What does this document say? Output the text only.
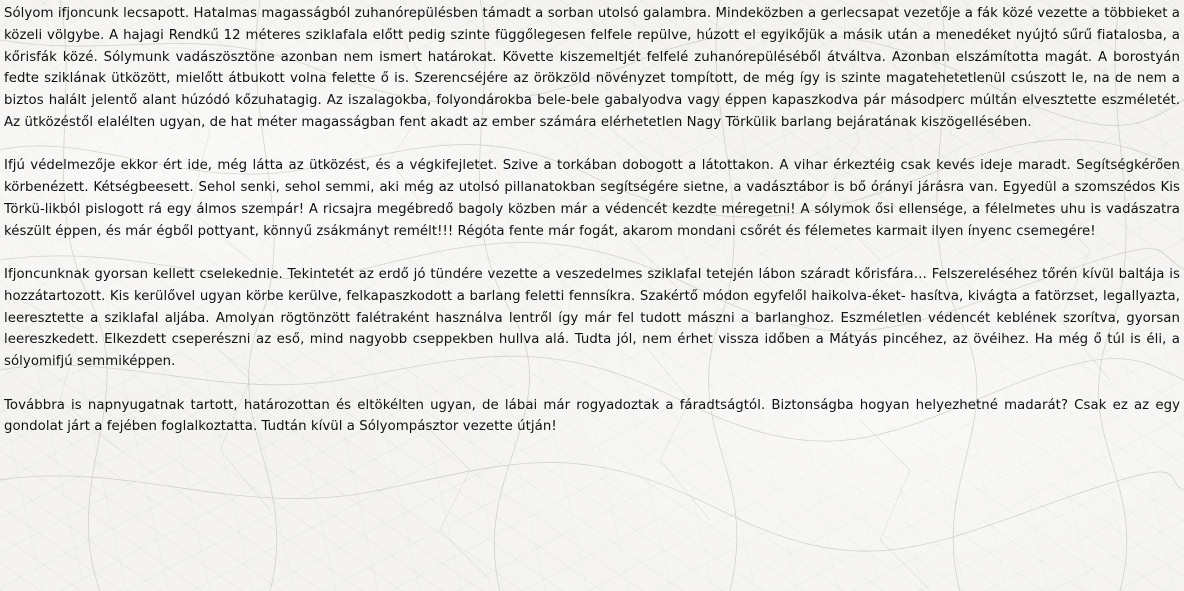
Sólyom ifjoncunk lecsapott. Hatalmas magasságból zuhanórepülésben támadt a sorban utolsó galambra. Mindeközben a gerlecsapat vezetője a fák közé vezette a többieket a közeli völgybe. A hajagi Rendkű 12 méteres sziklafala előtt pedig szinte függőlegesen felfele repülve, húzott el egyikőjük a másik után a menedéket nyújtó sűrű fiatalosba, a kőrisfák közé. Sólymunk vadászösztöne azonban nem ismert határokat. Követte kiszemeltjét felfelé zuhanórepüléséből átváltva. Azonban elszámította magát. A borostyán fedte sziklának ütközött, mielőtt átbukott volna felette ő is. Szerencséjére az örökzöld növényzet tompított, de még így is szinte magatehetetlenül csúszott le, na de nem a biztos halált jelentő alant húzódó kőzuhatagig. Az iszalagokba, folyondárokba bele-bele gabalyodva vagy éppen kapaszkodva pár másodperc múltán elvesztette eszméletét. Az ütközéstől elalélten ugyan, de hat méter magasságban fent akadt az ember számára elérhetetlen Nagy Törkülik barlang bejáratának kiszögellésében.

Ifjú védelmezője ekkor ért ide, még látta az ütközést, és a végkifejletet. Szive a torkában dobogott a látottakon. A vihar érkeztéig csak kevés ideje maradt. Segítségkérően körbenézett. Kétségbeesett. Sehol senki, sehol semmi, aki még az utolsó pillanatokban segítségére sietne, a vadásztábor is bő órányi járásra van. Egyedül a szomszédos Kis Törkü-likból pislogott rá egy álmos szempár! A ricsajra megébredő bagoly közben már a védencét kezdte méregetni! A sólymok ősi ellensége, a félelmetes uhu is vadászatra készült éppen, és már égből pottyant, könnyű zsákmányt remélt!!! Régóta fente már fogát, akarom mondani csőrét és félemetes karmait ilyen ínyenc csemegére!

Ifjoncunknak gyorsan kellett cselekednie. Tekintetét az erdő jó tündére vezette a veszedelmes sziklafal tetején lábon száradt kőrisfára… Felszereléséhez tőrén kívül baltája is hozzátartozott. Kis kerülővel ugyan körbe kerülve, felkapaszkodott a barlang feletti fennsíkra. Szakértő módon egyfelől haikolva-éket- hasítva, kivágta a fatörzset, legallyazta, leeresztette a sziklafal aljába. Amolyan rögtönzött falétraként használva lentről így már fel tudott mászni a barlanghoz. Eszméletlen védencét keblének szorítva, gyorsan leereszkedett. Elkezdett cseperészni az eső, mind nagyobb cseppekben hullva alá. Tudta jól, nem érhet vissza időben a Mátyás pincéhez, az övéihez. Ha még ő túl is éli, a sólyomifjú semmiképpen.

Továbbra is napnyugatnak tartott, határozottan és eltökélten ugyan, de lábai már rogyadoztak a fáradtságtól. Biztonságba hogyan helyezhetné madarát? Csak ez az egy gondolat járt a fejében foglalkoztatta. Tudtán kívül a Sólyompásztor vezette útján!
